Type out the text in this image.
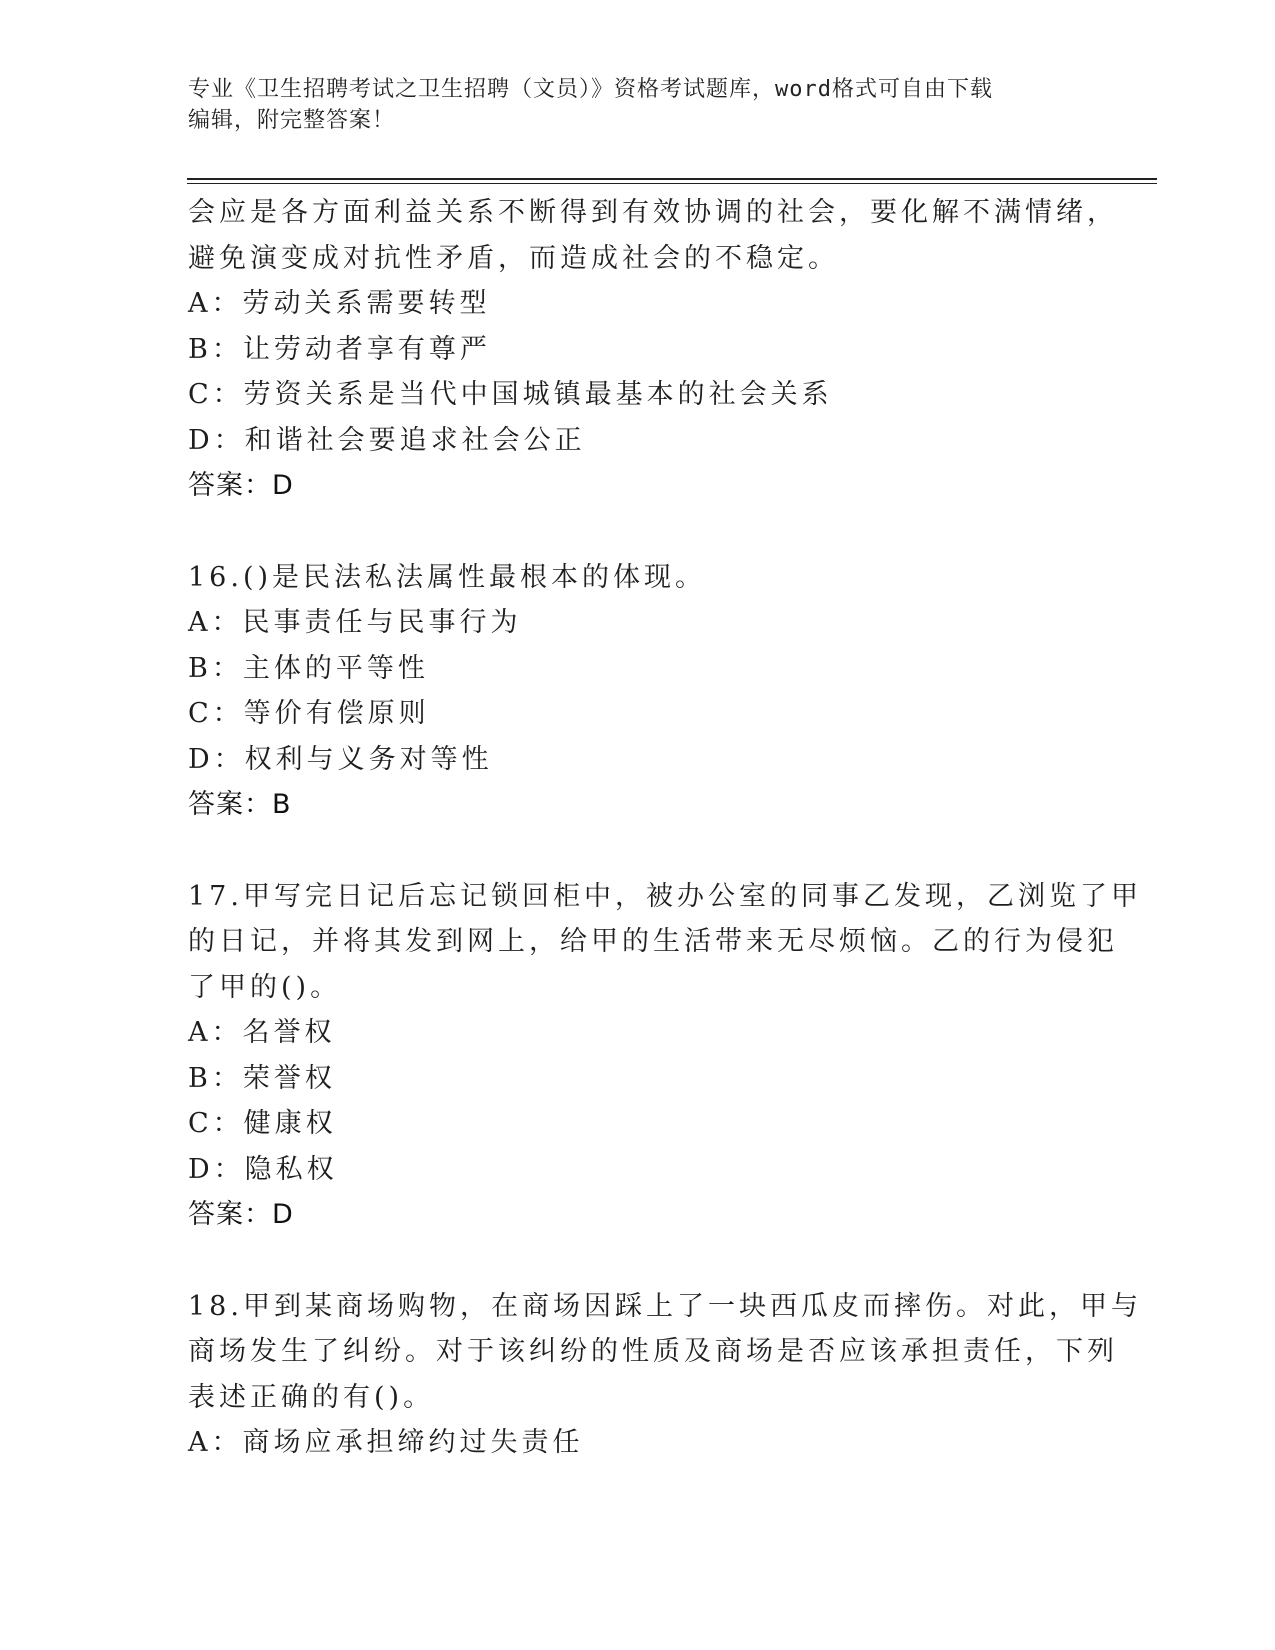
专业《卫生招聘考试之卫生招聘（文员）》资格考试题库，word格式可自由下载
编辑，附完整答案！
会应是各方面利益关系不断得到有效协调的社会，要化解不满情绪，
避免演变成对抗性矛盾，而造成社会的不稳定。
A：劳动关系需要转型
B：让劳动者享有尊严
C：劳资关系是当代中国城镇最基本的社会关系
D：和谐社会要追求社会公正
答案：D
16.()是民法私法属性最根本的体现。
A：民事责任与民事行为
B：主体的平等性
C：等价有偿原则
D：权利与义务对等性
答案：B
17.甲写完日记后忘记锁回柜中，被办公室的同事乙发现，乙浏览了甲
的日记，并将其发到网上，给甲的生活带来无尽烦恼。乙的行为侵犯
了甲的()。
A：名誉权
B：荣誉权
C：健康权
D：隐私权
答案：D
18.甲到某商场购物，在商场因踩上了一块西瓜皮而摔伤。对此，甲与
商场发生了纠纷。对于该纠纷的性质及商场是否应该承担责任，下列
表述正确的有()。
A：商场应承担缔约过失责任
